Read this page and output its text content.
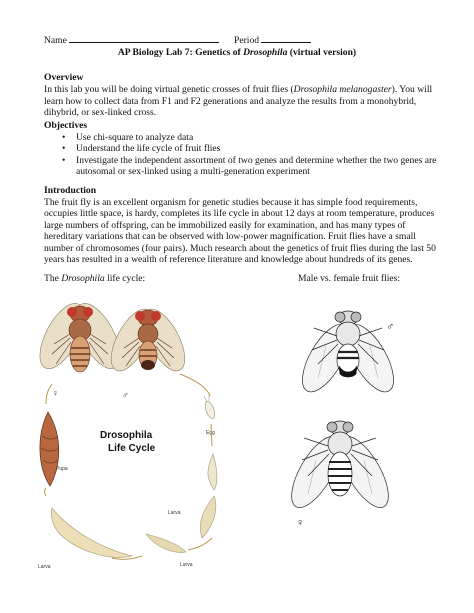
Name	Period
AP Biology Lab 7: Genetics of Drosophila (virtual version)
Overview
In this lab you will be doing virtual genetic crosses of fruit flies (Drosophila melanogaster). You will
learn how to collect data from F1 and F2 generations and analyze the results from a monohybrid,
dihybrid, or sex-linked cross.
Objectives
• Use chi-square to analyze data
• Understand the life cycle of fruit flies
• Investigate the independent assortment of two genes and determine whether the two genes are
autosomal or sex-linked using a multi-generation experiment
Introduction
The fruit fly is an excellent organism for genetic studies because it has simple food requirements,
occupies little space, is hardy, completes its life cycle in about 12 days at room temperature, produces
large numbers of offspring, can be immobilized easily for examination, and has many types of
hereditary variations that can be observed with low-power magnification. Fruit flies have a small
number of chromosomes (four pairs). Much research about the genetics of fruit flies during the last 50
years has resulted in a wealth of reference literature and knowledge about hundreds of its genes.
The Drosophila life cycle:	Male vs. female fruit flies:
♀	♂
Egg
Larva
Larva
Larva
Pupa
Drosophila
Life Cycle
♂
♀
